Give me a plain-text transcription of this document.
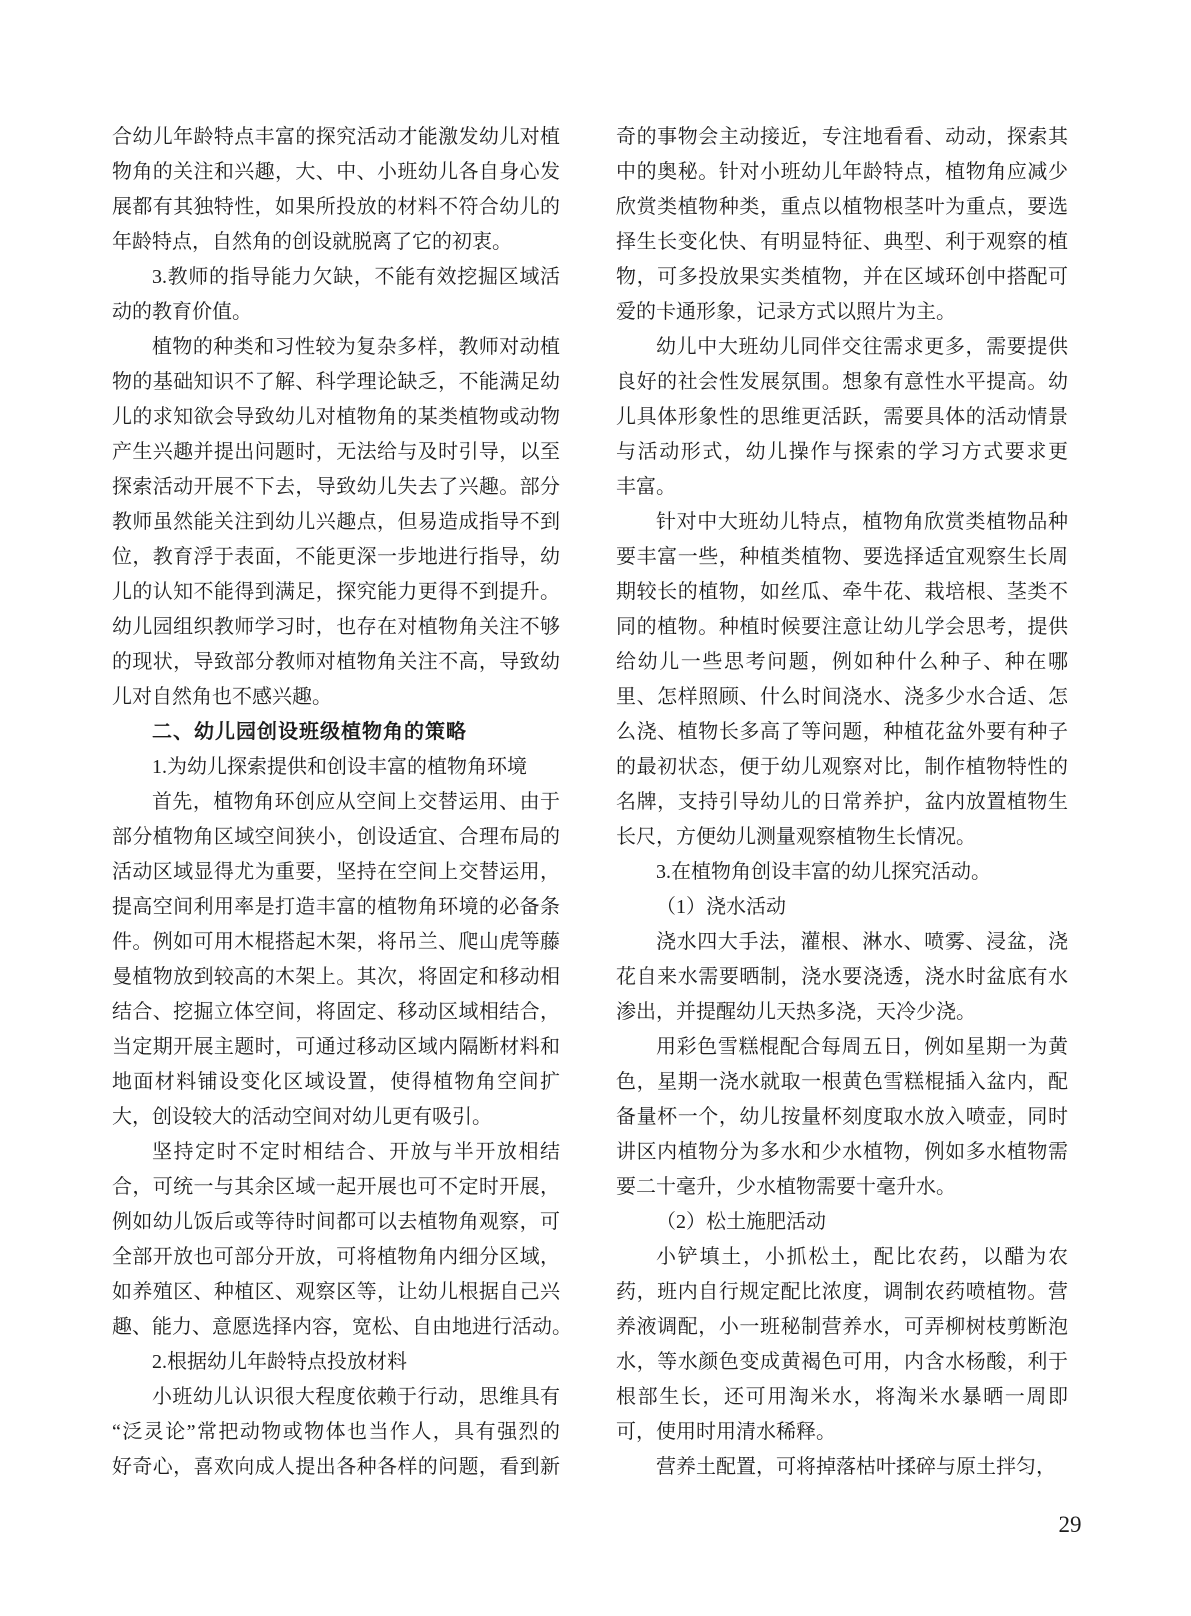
合幼儿年龄特点丰富的探究活动才能激发幼儿对植
物角的关注和兴趣，大、中、小班幼儿各自身心发
展都有其独特性，如果所投放的材料不符合幼儿的
年龄特点，自然角的创设就脱离了它的初衷。
3.教师的指导能力欠缺，不能有效挖掘区域活
动的教育价值。
植物的种类和习性较为复杂多样，教师对动植
物的基础知识不了解、科学理论缺乏，不能满足幼
儿的求知欲会导致幼儿对植物角的某类植物或动物
产生兴趣并提出问题时，无法给与及时引导，以至
探索活动开展不下去，导致幼儿失去了兴趣。部分
教师虽然能关注到幼儿兴趣点，但易造成指导不到
位，教育浮于表面，不能更深一步地进行指导，幼
儿的认知不能得到满足，探究能力更得不到提升。
幼儿园组织教师学习时，也存在对植物角关注不够
的现状，导致部分教师对植物角关注不高，导致幼
儿对自然角也不感兴趣。
二、幼儿园创设班级植物角的策略
1.为幼儿探索提供和创设丰富的植物角环境
首先，植物角环创应从空间上交替运用、由于
部分植物角区域空间狭小，创设适宜、合理布局的
活动区域显得尤为重要，坚持在空间上交替运用，
提高空间利用率是打造丰富的植物角环境的必备条
件。例如可用木棍搭起木架，将吊兰、爬山虎等藤
曼植物放到较高的木架上。其次，将固定和移动相
结合、挖掘立体空间，将固定、移动区域相结合，
当定期开展主题时，可通过移动区域内隔断材料和
地面材料铺设变化区域设置，使得植物角空间扩
大，创设较大的活动空间对幼儿更有吸引。
坚持定时不定时相结合、开放与半开放相结
合，可统一与其余区域一起开展也可不定时开展，
例如幼儿饭后或等待时间都可以去植物角观察，可
全部开放也可部分开放，可将植物角内细分区域，
如养殖区、种植区、观察区等，让幼儿根据自己兴
趣、能力、意愿选择内容，宽松、自由地进行活动。
2.根据幼儿年龄特点投放材料
小班幼儿认识很大程度依赖于行动，思维具有
“泛灵论”常把动物或物体也当作人，具有强烈的
好奇心，喜欢向成人提出各种各样的问题，看到新
奇的事物会主动接近，专注地看看、动动，探索其
中的奥秘。针对小班幼儿年龄特点，植物角应减少
欣赏类植物种类，重点以植物根茎叶为重点，要选
择生长变化快、有明显特征、典型、利于观察的植
物，可多投放果实类植物，并在区域环创中搭配可
爱的卡通形象，记录方式以照片为主。
幼儿中大班幼儿同伴交往需求更多，需要提供
良好的社会性发展氛围。想象有意性水平提高。幼
儿具体形象性的思维更活跃，需要具体的活动情景
与活动形式，幼儿操作与探索的学习方式要求更
丰富。
针对中大班幼儿特点，植物角欣赏类植物品种
要丰富一些，种植类植物、要选择适宜观察生长周
期较长的植物，如丝瓜、牵牛花、栽培根、茎类不
同的植物。种植时候要注意让幼儿学会思考，提供
给幼儿一些思考问题，例如种什么种子、种在哪
里、怎样照顾、什么时间浇水、浇多少水合适、怎
么浇、植物长多高了等问题，种植花盆外要有种子
的最初状态，便于幼儿观察对比，制作植物特性的
名牌，支持引导幼儿的日常养护，盆内放置植物生
长尺，方便幼儿测量观察植物生长情况。
3.在植物角创设丰富的幼儿探究活动。
（1）浇水活动
浇水四大手法，灌根、淋水、喷雾、浸盆，浇
花自来水需要晒制，浇水要浇透，浇水时盆底有水
渗出，并提醒幼儿天热多浇，天冷少浇。
用彩色雪糕棍配合每周五日，例如星期一为黄
色，星期一浇水就取一根黄色雪糕棍插入盆内，配
备量杯一个，幼儿按量杯刻度取水放入喷壶，同时
讲区内植物分为多水和少水植物，例如多水植物需
要二十毫升，少水植物需要十毫升水。
（2）松土施肥活动
小铲填土，小抓松土，配比农药，以醋为农
药，班内自行规定配比浓度，调制农药喷植物。营
养液调配，小一班秘制营养水，可弄柳树枝剪断泡
水，等水颜色变成黄褐色可用，内含水杨酸，利于
根部生长，还可用淘米水，将淘米水暴晒一周即
可，使用时用清水稀释。
营养土配置，可将掉落枯叶揉碎与原土拌匀，
29
